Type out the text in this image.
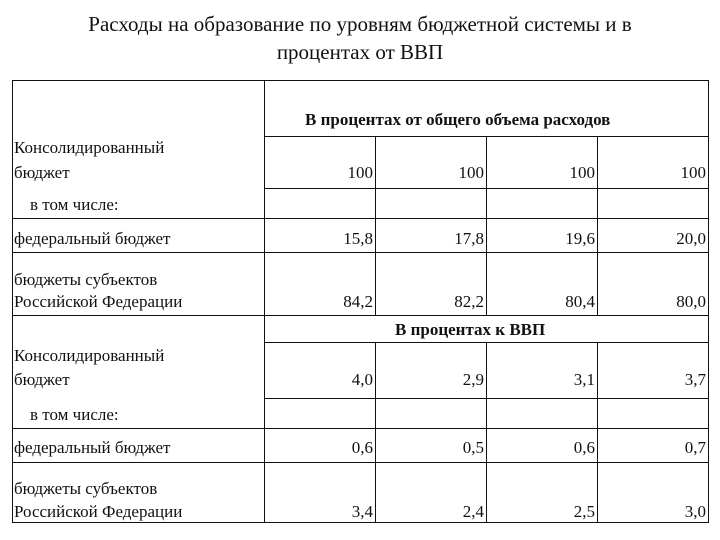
Расходы на образование по уровням бюджетной системы и в
процентах от ВВП
В процентах от общего объема расходов
Консолидированный
бюджет	100	100	100	100
в том числе:
федеральный бюджет	15,8	17,8	19,6	20,0
бюджеты субъектов
Российской Федерации	84,2	82,2	80,4	80,0
В процентах к ВВП
Консолидированный
бюджет	4,0	2,9	3,1	3,7
в том числе:
федеральный бюджет	0,6	0,5	0,6	0,7
бюджеты субъектов
Российской Федерации	3,4	2,4	2,5	3,0
